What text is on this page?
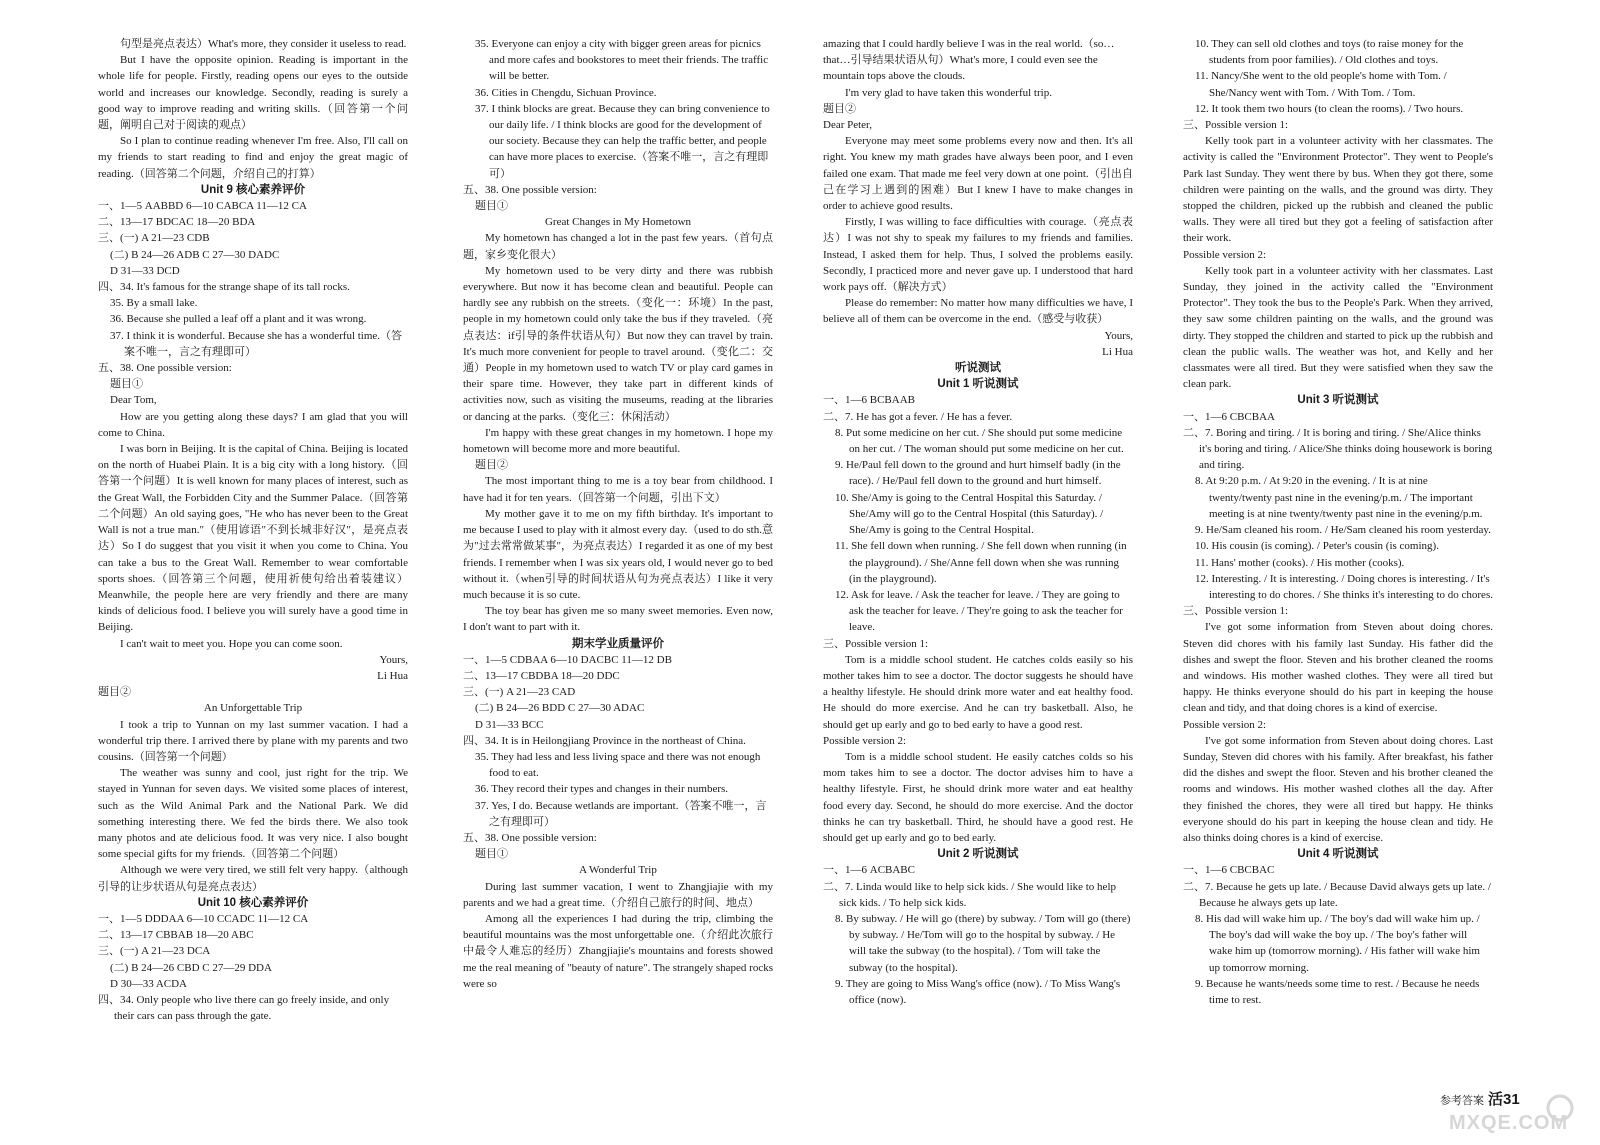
句型是亮点表达）What's more, they consider it useless to read.

But I have the opposite opinion. Reading is important in the whole life for people. Firstly, reading opens our eyes to the outside world and increases our knowledge. Secondly, reading is surely a good way to improve reading and writing skills.（回答第一个问题，阐明自己对于阅读的观点）

So I plan to continue reading whenever I'm free. Also, I'll call on my friends to start reading to find and enjoy the great magic of reading.（回答第二个问题，介绍自己的打算）

Unit 9 核心素养评价

一、1—5 AABBD 6—10 CABCA 11—12 CA

二、13—17 BDCAC 18—20 BDA

三、(一) A 21—23 CDB

(二) B 24—26 ADB C 27—30 DADC

D 31—33 DCD

四、34. It's famous for the strange shape of its tall rocks.

35. By a small lake.

36. Because she pulled a leaf off a plant and it was wrong.

37. I think it is wonderful. Because she has a wonderful time.（答案不唯一，言之有理即可）

五、38. One possible version:

题目①

Dear Tom,

How are you getting along these days? I am glad that you will come to China.

I was born in Beijing. It is the capital of China. Beijing is located on the north of Huabei Plain. It is a big city with a long history.（回答第一个问题）It is well known for many places of interest, such as the Great Wall, the Forbidden City and the Summer Palace.（回答第二个问题）An old saying goes, "He who has never been to the Great Wall is not a true man."（使用谚语"不到长城非好汉"，是亮点表达）So I do suggest that you visit it when you come to China. You can take a bus to the Great Wall. Remember to wear comfortable sports shoes.（回答第三个问题，使用祈使句给出着装建议）Meanwhile, the people here are very friendly and there are many kinds of delicious food. I believe you will surely have a good time in Beijing.

I can't wait to meet you. Hope you can come soon.

Yours,

Li Hua

题目②

An Unforgettable Trip

I took a trip to Yunnan on my last summer vacation. I had a wonderful trip there. I arrived there by plane with my parents and two cousins.（回答第一个问题）

The weather was sunny and cool, just right for the trip. We stayed in Yunnan for seven days. We visited some places of interest, such as the Wild Animal Park and the National Park. We did something interesting there. We fed the birds there. We also took many photos and ate delicious food. It was very nice. I also bought some special gifts for my friends.（回答第二个问题）

Although we were very tired, we still felt very happy.（although引导的让步状语从句是亮点表达）

Unit 10 核心素养评价

一、1—5 DDDAA 6—10 CCADC 11—12 CA

二、13—17 CBBAB 18—20 ABC

三、(一) A 21—23 DCA

(二) B 24—26 CBD C 27—29 DDA

D 30—33 ACDA

四、34. Only people who live there can go freely inside, and only their cars can pass through the gate.

35. Everyone can enjoy a city with bigger green areas for picnics and more cafes and bookstores to meet their friends. The traffic will be better.

36. Cities in Chengdu, Sichuan Province.

37. I think blocks are great. Because they can bring convenience to our daily life. / I think blocks are good for the development of our society. Because they can help the traffic better, and people can have more places to exercise.（答案不唯一，言之有理即可）

五、38. One possible version:

题目①

Great Changes in My Hometown

My hometown has changed a lot in the past few years.（首句点题，家乡变化很大）

My hometown used to be very dirty and there was rubbish everywhere. But now it has become clean and beautiful. People can hardly see any rubbish on the streets.（变化一：环境）In the past, people in my hometown could only take the bus if they traveled.（亮点表达：if引导的条件状语从句）But now they can travel by train. It's much more convenient for people to travel around.（变化二：交通）People in my hometown used to watch TV or play card games in their spare time. However, they take part in different kinds of activities now, such as visiting the museums, reading at the libraries or dancing at the parks.（变化三：休闲活动）

I'm happy with these great changes in my hometown. I hope my hometown will become more and more beautiful.

题目②

The most important thing to me is a toy bear from childhood. I have had it for ten years.（回答第一个问题，引出下文）

My mother gave it to me on my fifth birthday. It's important to me because I used to play with it almost every day.（used to do sth.意为"过去常常做某事"，为亮点表达）I regarded it as one of my best friends. I remember when I was six years old, I would never go to bed without it.（when引导的时间状语从句为亮点表达）I like it very much because it is so cute.

The toy bear has given me so many sweet memories. Even now, I don't want to part with it.

期末学业质量评价

一、1—5 CDBAA 6—10 DACBC 11—12 DB

二、13—17 CBDBA 18—20 DDC

三、(一) A 21—23 CAD

(二) B 24—26 BDD C 27—30 ADAC

D 31—33 BCC

四、34. It is in Heilongjiang Province in the northeast of China.

35. They had less and less living space and there was not enough food to eat.

36. They record their types and changes in their numbers.

37. Yes, I do. Because wetlands are important.（答案不唯一，言之有理即可）

五、38. One possible version:

题目①

A Wonderful Trip

During last summer vacation, I went to Zhangjiajie with my parents and we had a great time.（介绍自己旅行的时间、地点）

Among all the experiences I had during the trip, climbing the beautiful mountains was the most unforgettable one.（介绍此次旅行中最令人难忘的经历）Zhangjiajie's mountains and forests showed me the real meaning of "beauty of nature". The strangely shaped rocks were so

amazing that I could hardly believe I was in the real world.（so…that…引导结果状语从句）What's more, I could even see the mountain tops above the clouds.

I'm very glad to have taken this wonderful trip.

题目②

Dear Peter,

Everyone may meet some problems every now and then. It's all right. You knew my math grades have always been poor, and I even failed one exam. That made me feel very down at one point.（引出自己在学习上遇到的困难）But I knew I have to make changes in order to achieve good results.

Firstly, I was willing to face difficulties with courage.（亮点表达）I was not shy to speak my failures to my friends and families. Instead, I asked them for help. Thus, I solved the problems easily. Secondly, I practiced more and never gave up. I understood that hard work pays off.（解决方式）

Please do remember: No matter how many difficulties we have, I believe all of them can be overcome in the end.（感受与收获）

Yours,

Li Hua

听说测试

Unit 1 听说测试

一、1—6 BCBAAB

二、7. He has got a fever. / He has a fever.

8. Put some medicine on her cut. / She should put some medicine on her cut. / The woman should put some medicine on her cut.

9. He/Paul fell down to the ground and hurt himself badly (in the race). / He/Paul fell down to the ground and hurt himself.

10. She/Amy is going to the Central Hospital this Saturday. / She/Amy will go to the Central Hospital (this Saturday). / She/Amy is going to the Central Hospital.

11. She fell down when running. / She fell down when running (in the playground). / She/Anne fell down when she was running (in the playground).

12. Ask for leave. / Ask the teacher for leave. / They are going to ask the teacher for leave. / They're going to ask the teacher for leave.

三、Possible version 1:

Tom is a middle school student. He catches colds easily so his mother takes him to see a doctor. The doctor suggests he should have a healthy lifestyle. He should drink more water and eat healthy food. He should do more exercise. And he can try basketball. Also, he should get up early and go to bed early to have a good rest.

Possible version 2:

Tom is a middle school student. He easily catches colds so his mom takes him to see a doctor. The doctor advises him to have a healthy lifestyle. First, he should drink more water and eat healthy food every day. Second, he should do more exercise. And the doctor thinks he can try basketball. Third, he should have a good rest. He should get up early and go to bed early.

Unit 2 听说测试

一、1—6 ACBABC

二、7. Linda would like to help sick kids. / She would like to help sick kids. / To help sick kids.

8. By subway. / He will go (there) by subway. / Tom will go (there) by subway. / He/Tom will go to the hospital by subway. / He will take the subway (to the hospital). / Tom will take the subway (to the hospital).

9. They are going to Miss Wang's office (now). / To Miss Wang's office (now).

10. They can sell old clothes and toys (to raise money for the students from poor families). / Old clothes and toys.

11. Nancy/She went to the old people's home with Tom. / She/Nancy went with Tom. / With Tom. / Tom.

12. It took them two hours (to clean the rooms). / Two hours.

三、Possible version 1:

Kelly took part in a volunteer activity with her classmates. The activity is called the "Environment Protector". They went to People's Park last Sunday. They went there by bus. When they got there, some children were painting on the walls, and the ground was dirty. They stopped the children, picked up the rubbish and cleaned the public walls. They were all tired but they got a feeling of satisfaction after their work.

Possible version 2:

Kelly took part in a volunteer activity with her classmates. Last Sunday, they joined in the activity called the "Environment Protector". They took the bus to the People's Park. When they arrived, they saw some children painting on the walls, and the ground was dirty. They stopped the children and started to pick up the rubbish and clean the public walls. The weather was hot, and Kelly and her classmates were all tired. But they were satisfied when they saw the clean park.

Unit 3 听说测试

一、1—6 CBCBAA

二、7. Boring and tiring. / It is boring and tiring. / She/Alice thinks it's boring and tiring. / Alice/She thinks doing housework is boring and tiring.

8. At 9:20 p.m. / At 9:20 in the evening. / It is at nine twenty/twenty past nine in the evening/p.m. / The important meeting is at nine twenty/twenty past nine in the evening/p.m.

9. He/Sam cleaned his room. / He/Sam cleaned his room yesterday.

10. His cousin (is coming). / Peter's cousin (is coming).

11. Hans' mother (cooks). / His mother (cooks).

12. Interesting. / It is interesting. / Doing chores is interesting. / It's interesting to do chores. / She thinks it's interesting to do chores.

三、Possible version 1:

I've got some information from Steven about doing chores. Steven did chores with his family last Sunday. His father did the dishes and swept the floor. Steven and his brother cleaned the rooms and windows. His mother washed clothes. They were all tired but happy. He thinks everyone should do his part in keeping the house clean and tidy, and that doing chores is a kind of exercise.

Possible version 2:

I've got some information from Steven about doing chores. Last Sunday, Steven did chores with his family. After breakfast, his father did the dishes and swept the floor. Steven and his brother cleaned the rooms and windows. His mother washed clothes all the day. After they finished the chores, they were all tired but happy. He thinks everyone should do his part in keeping the house clean and tidy. He also thinks doing chores is a kind of exercise.

Unit 4 听说测试

一、1—6 CBCBAC

二、7. Because he gets up late. / Because David always gets up late. / Because he always gets up late.

8. His dad will wake him up. / The boy's dad will wake him up. / The boy's dad will wake the boy up. / The boy's father will wake him up (tomorrow morning). / His father will wake him up tomorrow morning.

9. Because he wants/needs some time to rest. / Because he needs time to rest.

参考答案 活31
MXQE.COM
